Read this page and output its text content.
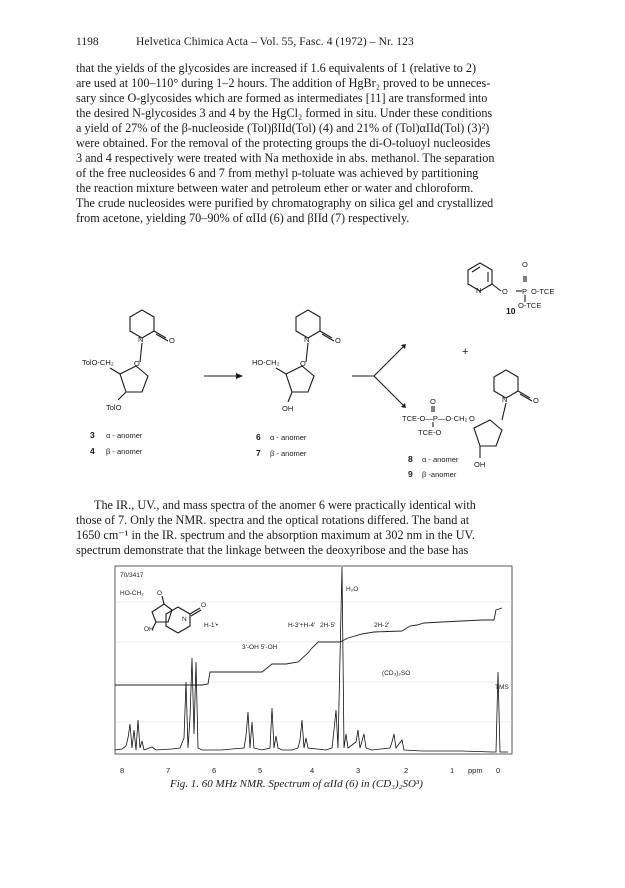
1198	Helvetica Chimica Acta – Vol. 55, Fasc. 4 (1972) – Nr. 123
that the yields of the glycosides are increased if 1.6 equivalents of 1 (relative to 2)
are used at 100–110° during 1–2 hours. The addition of HgBr₂ proved to be unneces-
sary since O-glycosides which are formed as intermediates [11] are transformed into
the desired N-glycosides 3 and 4 by the HgCl₂ formed in situ. Under these conditions
a yield of 27% of the β-nucleoside (Tol)βIId(Tol) (4) and 21% of (Tol)αIId(Tol) (3)²)
were obtained. For the removal of the protecting groups the di-O-toluoyl nucleosides
3 and 4 respectively were treated with Na methoxide in abs. methanol. The separation
of the free nucleosides 6 and 7 from methyl p-toluate was achieved by partitioning
the reaction mixture between water and petroleum ether or water and chloroform.
The crude nucleosides were purified by chromatography on silica gel and crystallized
from acetone, yielding 70–90% of αIId (6) and βIId (7) respectively.
O
N	O P O-TCE
O-TCE
10
+
N	O
TolO-CH₂	O
TolO
3 α - anomer
4 β - anomer
N	O
HO-CH₂	O
OH
6 α - anomer
7 β - anomer
N	O
O
TCE-O—P—O-CH₂ O
TCE-O
OH
8 α - anomer
9 β -anomer
The IR., UV., and mass spectra of the anomer 6 were practically identical with
those of 7. Only the NMR. spectra and the optical rotations differed. The band at
1650 cm⁻¹ in the IR. spectrum and the absorption maximum at 302 nm in the UV.
spectrum demonstrate that the linkage between the deoxyribose and the base has
70/3417
HO-CH₂ O
OH
N
O
H-1'•
3'-OH 5'-OH
H-3'+H-4' 2H-5'
H₂O
2H-2'
(CD₃)₂SO
TMS
8	7	6	5	4	3	2	1 ppm 0
Fig. 1. 60 MHz NMR. Spectrum of αIId (6) in (CD₃)₂SO³)
